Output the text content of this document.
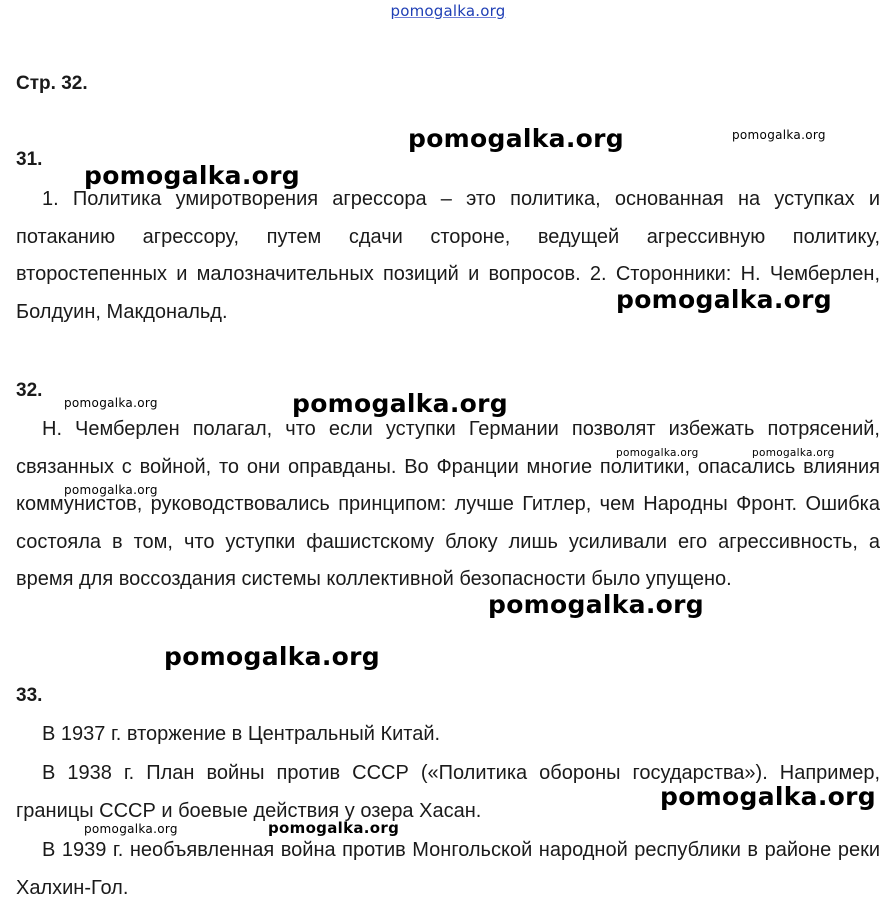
pomogalka.org
Стр. 32.
31.

1. Политика умиротворения агрессора – это политика, основанная на уступках и потаканию агрессору, путем сдачи стороне, ведущей агрессивную политику, второстепенных и малозначительных позиций и вопросов. 2. Сторонники: Н. Чемберлен, Болдуин, Макдональд.

32.

Н. Чемберлен полагал, что если уступки Германии позволят избежать потрясений, связанных с войной, то они оправданы. Во Франции многие политики, опасались влияния коммунистов, руководствовались принципом: лучше Гитлер, чем Народны Фронт. Ошибка состояла в том, что уступки фашистскому блоку лишь усиливали его агрессивность, а время для воссоздания системы коллективной безопасности было упущено.

33.

В 1937 г. вторжение в Центральный Китай.

В 1938 г. План войны против СССР («Политика обороны государства»). Например, границы СССР и боевые действия у озера Хасан.

В 1939 г. необъявленная война против Монгольской народной республики в районе реки Халхин-Гол.

pomogalka.org	pomogalka.org
pomogalka.org
pomogalka.org
pomogalka.org	pomogalka.org
pomogalka.org	pomogalka.org
pomogalka.org
pomogalka.org
pomogalka.org
pomogalka.org
pomogalka.org	pomogalka.org
